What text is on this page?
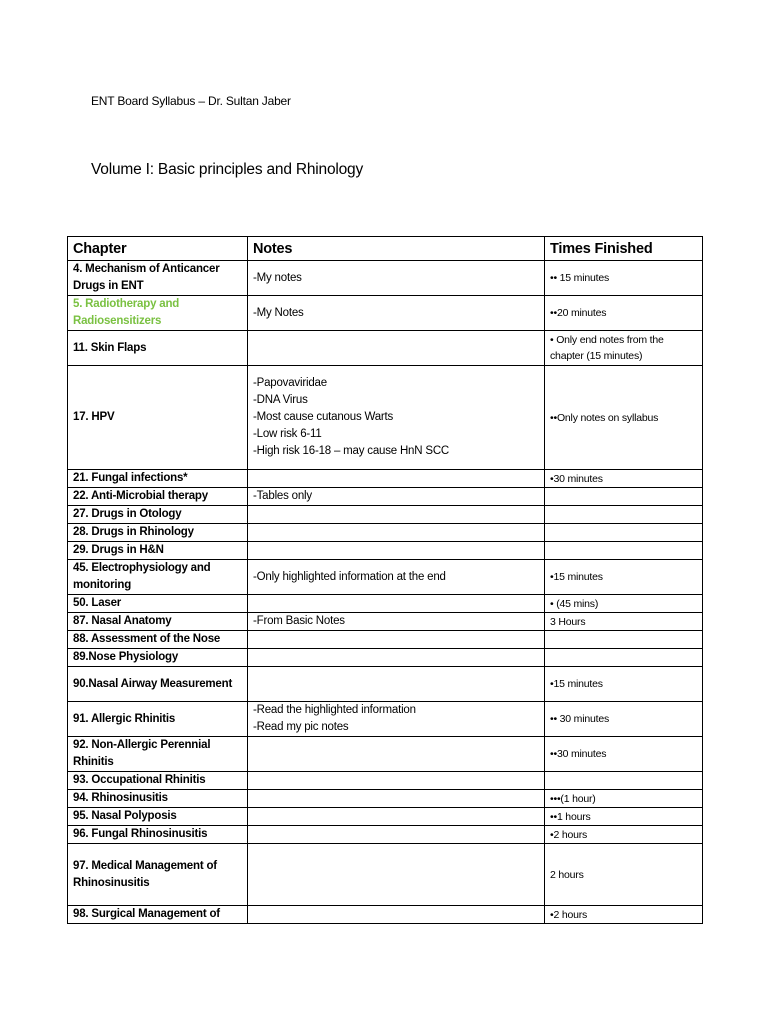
ENT Board Syllabus – Dr. Sultan Jaber
Volume I: Basic principles and Rhinology
Chapter	Notes	Times Finished
4. Mechanism of Anticancer Drugs in ENT	-My notes	•• 15 minutes
5. Radiotherapy and Radiosensitizers	-My Notes	••20 minutes
11. Skin Flaps		• Only end notes from the chapter (15 minutes)
17. HPV	-Papovaviridae
-DNA Virus
-Most cause cutanous Warts
-Low risk 6-11
-High risk 16-18 – may cause HnN SCC	••Only notes on syllabus
21. Fungal infections*		•30 minutes
22. Anti-Microbial therapy	-Tables only	

27. Drugs in Otology		
28. Drugs in Rhinology		
29. Drugs in H&N		
45. Electrophysiology and monitoring	-Only highlighted information at the end	•15 minutes
50. Laser		• (45 mins)
87. Nasal Anatomy	-From Basic Notes	3 Hours
88. Assessment of the Nose		
89.Nose Physiology		
90.Nasal Airway Measurement		•15 minutes
91. Allergic Rhinitis	-Read the highlighted information
-Read my pic notes	•• 30 minutes
92. Non-Allergic Perennial Rhinitis		••30 minutes
93. Occupational Rhinitis		
94. Rhinosinusitis		•••(1 hour)
95. Nasal Polyposis		••1 hours
96. Fungal Rhinosinusitis		•2 hours
97. Medical Management of Rhinosinusitis		2 hours
98. Surgical Management of		•2 hours
